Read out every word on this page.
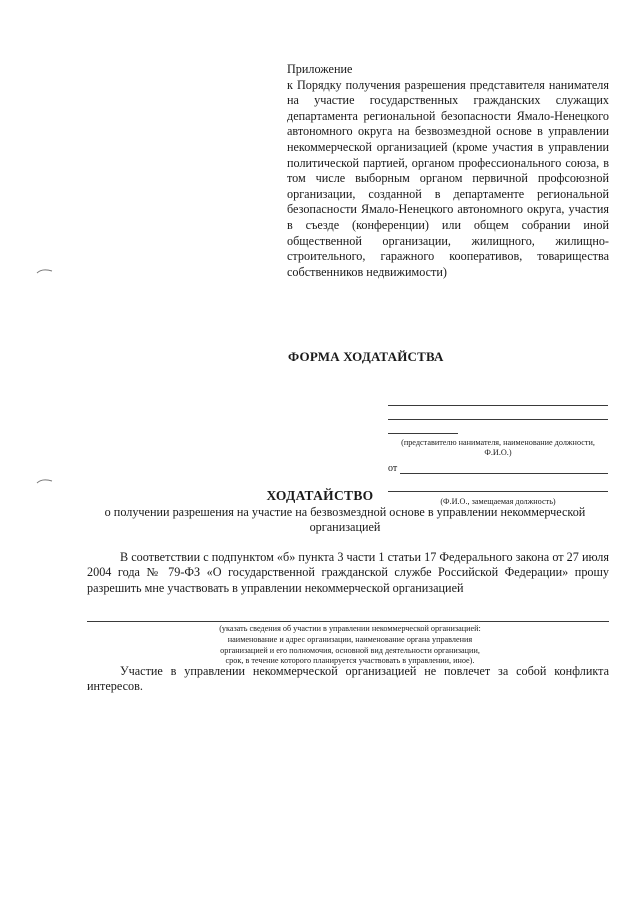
Приложение
к Порядку получения разрешения представителя нанимателя на участие государственных гражданских служащих департамента региональной безопасности Ямало-Ненецкого автономного округа на безвозмездной основе в управлении некоммерческой организацией (кроме участия в управлении политической партией, органом профессионального союза, в том числе выборным органом первичной профсоюзной организации, созданной в департаменте региональной безопасности Ямало-Ненецкого автономного округа, участия в съезде (конференции) или общем собрании иной общественной организации, жилищного, жилищно-строительного, гаражного кооперативов, товарищества собственников недвижимости)
ФОРМА ХОДАТАЙСТВА
(представителю нанимателя, наименование должности, Ф.И.О.)
от
(Ф.И.О., замещаемая должность)
ХОДАТАЙСТВО
о получении разрешения на участие на безвозмездной основе в управлении некоммерческой организацией
В соответствии с подпунктом «б» пункта 3 части 1 статьи 17 Федерального закона от 27 июля 2004 года № 79-ФЗ «О государственной гражданской службе Российской Федерации» прошу разрешить мне участвовать в управлении некоммерческой организацией
(указать сведения об участии в управлении некоммерческой организацией:
наименование и адрес организации, наименование органа управления
организацией и его полномочия, основной вид деятельности организации,
срок, в течение которого планируется участвовать в управлении, иное).
Участие в управлении некоммерческой организацией не повлечет за собой конфликта интересов.
